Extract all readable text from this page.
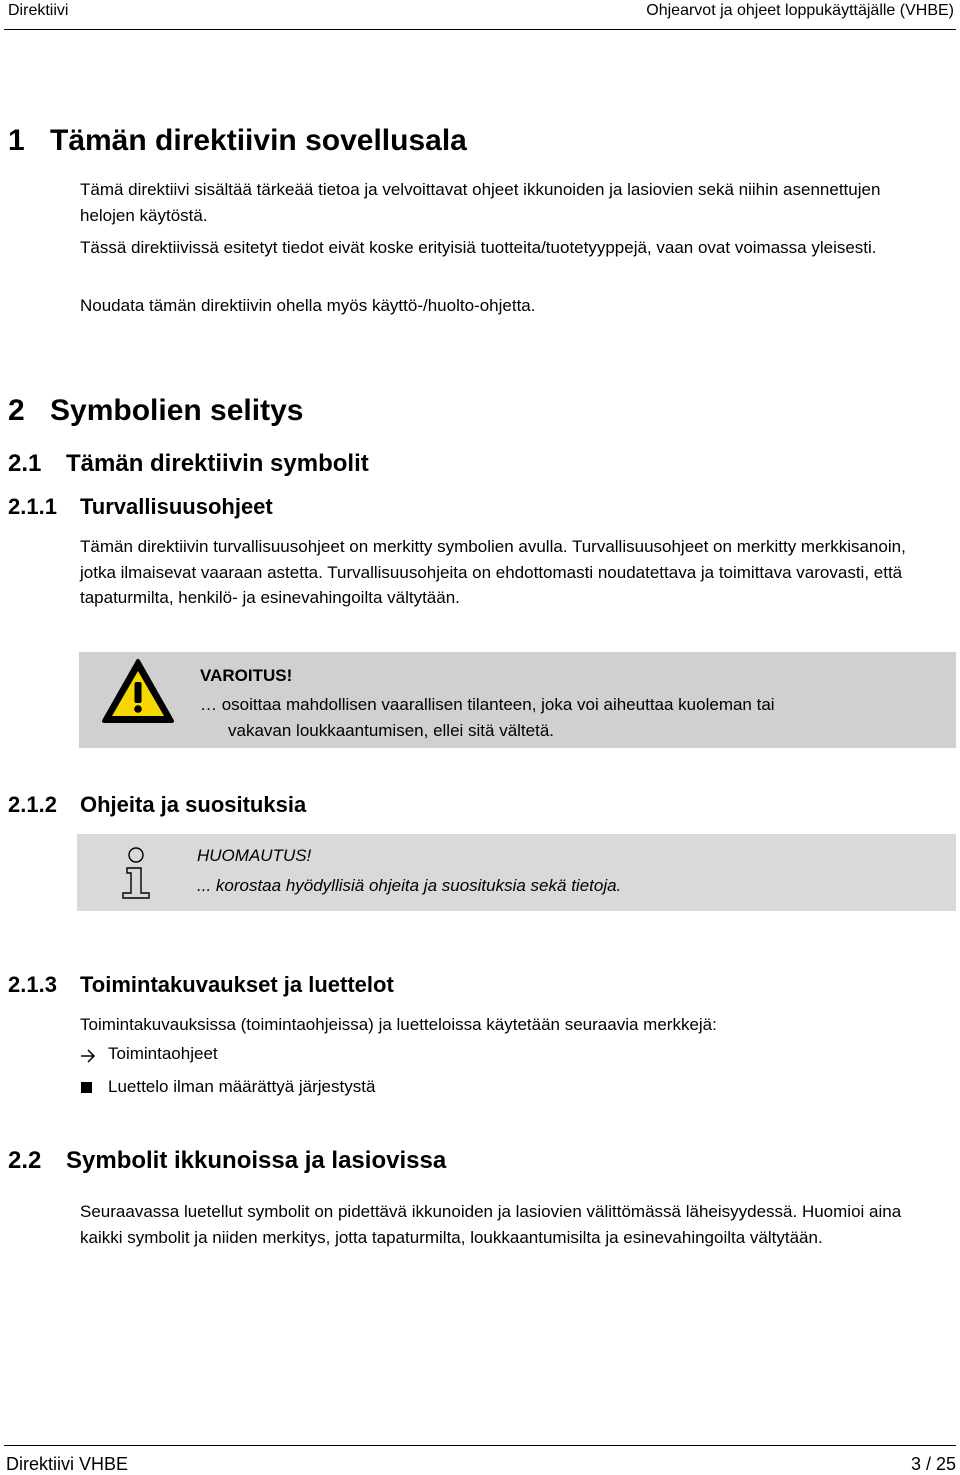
Direktiivi	Ohjearvot ja ohjeet loppukäyttäjälle (VHBE)
1 Tämän direktiivin sovellusala
Tämä direktiivi sisältää tärkeää tietoa ja velvoittavat ohjeet ikkunoiden ja lasiovien sekä niihin asennettujen helojen käytöstä.
Tässä direktiivissä esitetyt tiedot eivät koske erityisiä tuotteita/tuotetyyppejä, vaan ovat voimassa yleisesti.
Noudata tämän direktiivin ohella myös käyttö-/huolto-ohjetta.
2 Symbolien selitys
2.1 Tämän direktiivin symbolit
2.1.1 Turvallisuusohjeet
Tämän direktiivin turvallisuusohjeet on merkitty symbolien avulla. Turvallisuusohjeet on merkitty merkkisanoin, jotka ilmaisevat vaaraan astetta. Turvallisuusohjeita on ehdottomasti noudatettava ja toimittava varovasti, että tapaturmilta, henkilö- ja esinevahingoilta vältytään.
VAROITUS!
… osoittaa mahdollisen vaarallisen tilanteen, joka voi aiheuttaa kuoleman tai
vakavan loukkaantumisen, ellei sitä vältetä.
2.1.2 Ohjeita ja suosituksia
HUOMAUTUS!
... korostaa hyödyllisiä ohjeita ja suosituksia sekä tietoja.
2.1.3 Toimintakuvaukset ja luettelot
Toimintakuvauksissa (toimintaohjeissa) ja luetteloissa käytetään seuraavia merkkejä:
Toimintaohjeet
Luettelo ilman määrättyä järjestystä
2.2 Symbolit ikkunoissa ja lasiovissa
Seuraavassa luetellut symbolit on pidettävä ikkunoiden ja lasiovien välittömässä läheisyydessä. Huomioi aina kaikki symbolit ja niiden merkitys, jotta tapaturmilta, loukkaantumisilta ja esinevahingoilta vältytään.
Direktiivi VHBE	3 / 25
